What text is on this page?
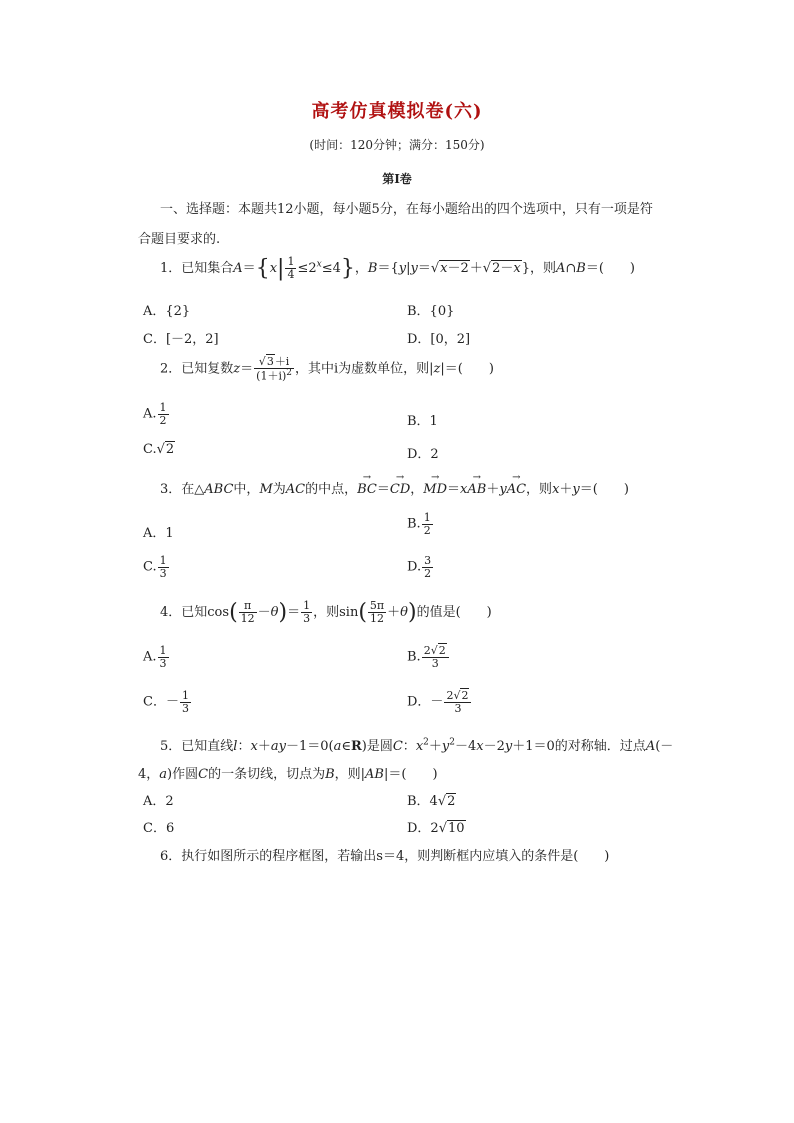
高考仿真模拟卷(六)
(时间：120分钟；满分：150分)
第Ⅰ卷
一、选择题：本题共12小题，每小题5分，在每小题给出的四个选项中，只有一项是符
合题目要求的.
1．已知集合$A=\{x| \frac{1}{4} \le 2^x\le 4\}$，B＝{y|y＝√x－2＋√2－x}，则A∩B＝(　　)
A．{2}	B．{0}
C．[－2，2]	D．[0，2]
2．已知复数$z= \frac{√3+i}{(1+i)^2}$ ，其中i为虚数单位，则|z|＝(　　)
A. $\frac{1}{2}$	B．1
C.√2	D．2
3．在△ABC中，M为AC的中点，→ BC＝→ CD，→ MD＝x→ AB＋y→ AC，则x＋y＝(　　)
A．1
B. $\frac{1}{2}$
C. $\frac{1}{3}$	D. $\frac{3}{2}$
4．已知$\cos( \frac{\pi}{12} -\theta)= \frac{1}{3}$ ，则$\sin( \frac{5\pi}{12} +\theta)$的值是(　　)
A. $\frac{1}{3}$	B. $\frac{2√2}{3}$
C．－ $\frac{1}{3}$	D．－ $\frac{2√2}{3}$
5．已知直线l：x＋ay－1＝0(a∈R)是圆C：$x^2+y^2-4x-2y+1=0$的对称轴．过点A(－
4，a)作圆C的一条切线，切点为B，则|AB|＝(　　)
A．2	B．4√2
C．6	D．2√10
6．执行如图所示的程序框图，若输出s＝4，则判断框内应填入的条件是(　　)
